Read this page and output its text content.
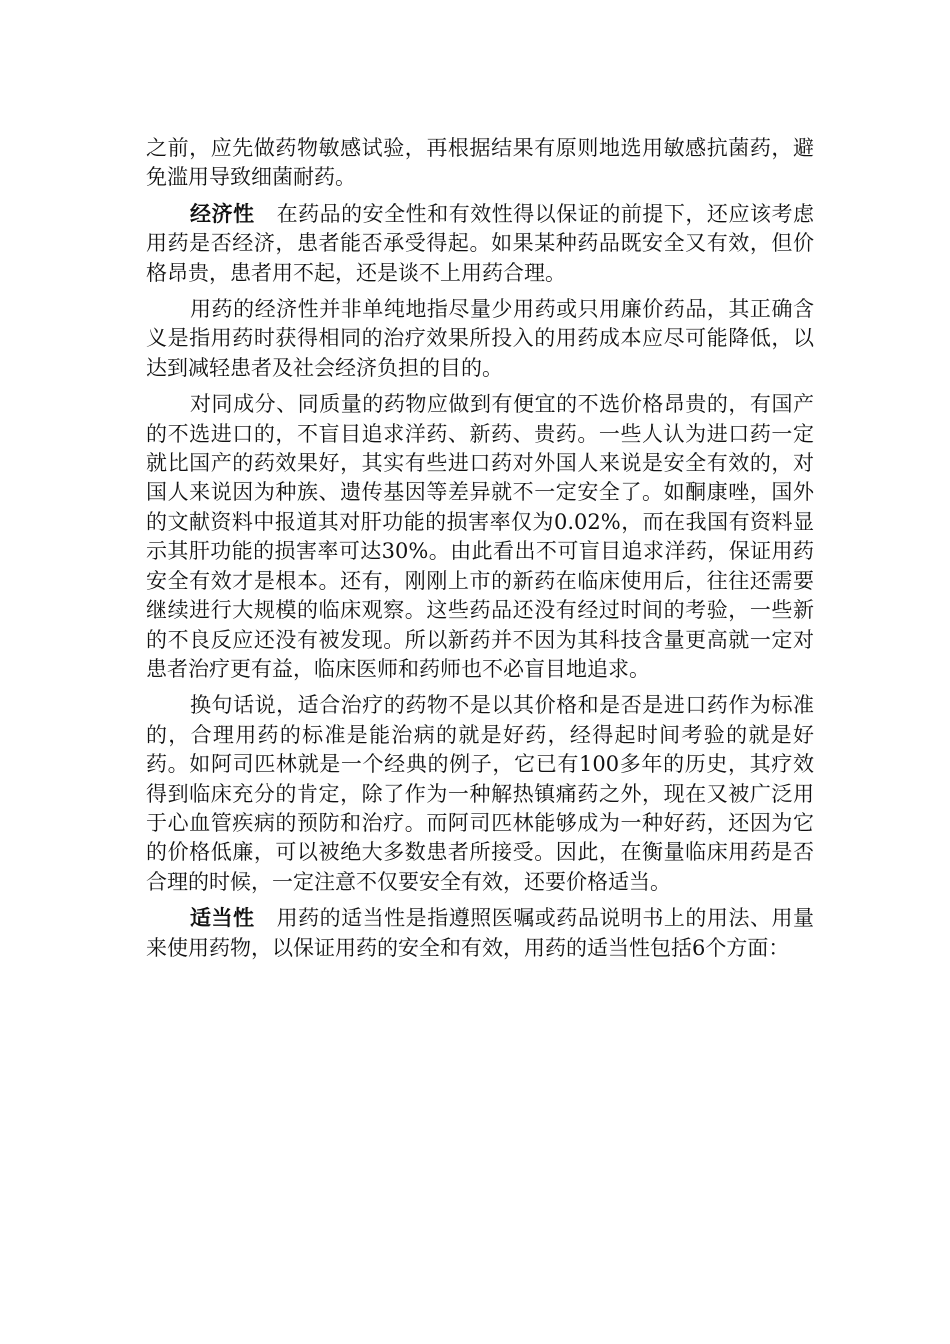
之前，应先做药物敏感试验，再根据结果有原则地选用敏感抗菌药，避免滥用导致细菌耐药。

经济性 在药品的安全性和有效性得以保证的前提下，还应该考虑用药是否经济，患者能否承受得起。如果某种药品既安全又有效，但价格昂贵，患者用不起，还是谈不上用药合理。

用药的经济性并非单纯地指尽量少用药或只用廉价药品，其正确含义是指用药时获得相同的治疗效果所投入的用药成本应尽可能降低，以达到减轻患者及社会经济负担的目的。

对同成分、同质量的药物应做到有便宜的不选价格昂贵的，有国产的不选进口的，不盲目追求洋药、新药、贵药。一些人认为进口药一定就比国产的药效果好，其实有些进口药对外国人来说是安全有效的，对国人来说因为种族、遗传基因等差异就不一定安全了。如酮康唑，国外的文献资料中报道其对肝功能的损害率仅为0.02%，而在我国有资料显示其肝功能的损害率可达30%。由此看出不可盲目追求洋药，保证用药安全有效才是根本。还有，刚刚上市的新药在临床使用后，往往还需要继续进行大规模的临床观察。这些药品还没有经过时间的考验，一些新的不良反应还没有被发现。所以新药并不因为其科技含量更高就一定对患者治疗更有益，临床医师和药师也不必盲目地追求。

换句话说，适合治疗的药物不是以其价格和是否是进口药作为标准的，合理用药的标准是能治病的就是好药，经得起时间考验的就是好药。如阿司匹林就是一个经典的例子，它已有100多年的历史，其疗效得到临床充分的肯定，除了作为一种解热镇痛药之外，现在又被广泛用于心血管疾病的预防和治疗。而阿司匹林能够成为一种好药，还因为它的价格低廉，可以被绝大多数患者所接受。因此，在衡量临床用药是否合理的时候，一定注意不仅要安全有效，还要价格适当。

适当性 用药的适当性是指遵照医嘱或药品说明书上的用法、用量来使用药物，以保证用药的安全和有效，用药的适当性包括6个方面：
